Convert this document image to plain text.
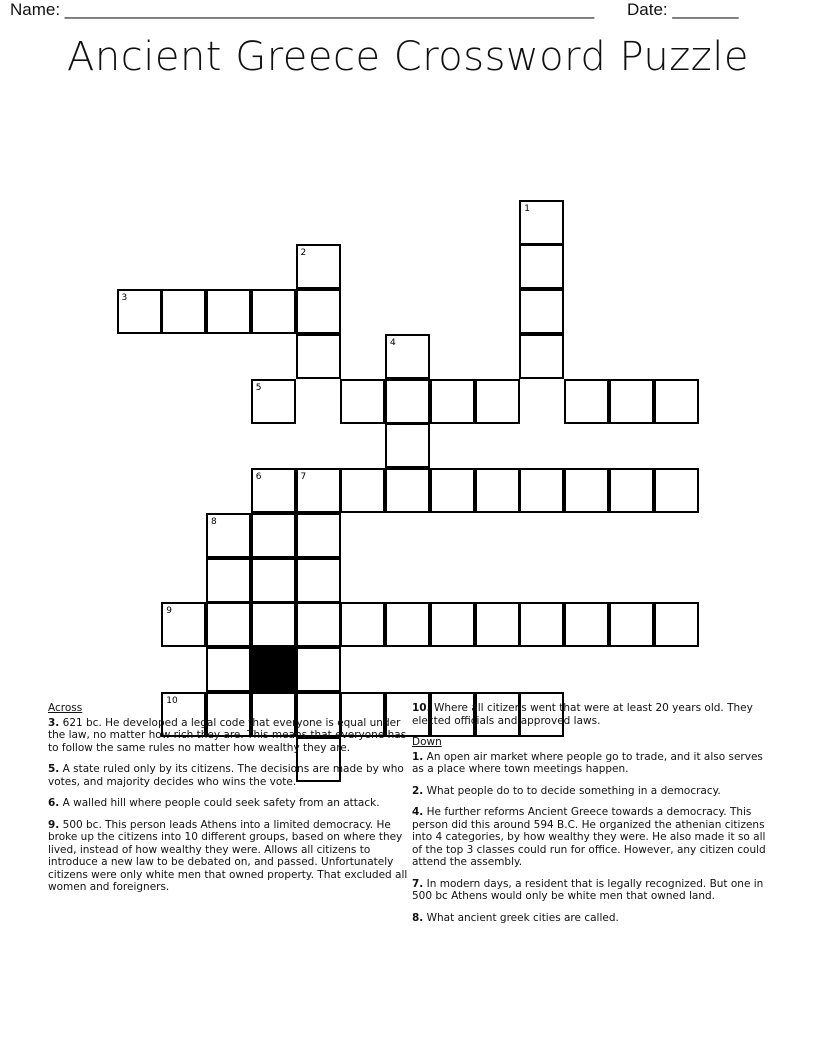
Name: ________________________________________________________ Date: _______
Ancient Greece Crossword Puzzle
1
2
3
4
5
6	7
8
9
10
Across
3. 621 bc. He developed a legal code that everyone is equal under the law, no matter how rich they are. This means that everyone has to follow the same rules no matter how wealthy they are.
5. A state ruled only by its citizens. The decisions are made by who votes, and majority decides who wins the vote.
6. A walled hill where people could seek safety from an attack.
9. 500 bc. This person leads Athens into a limited democracy. He broke up the citizens into 10 different groups, based on where they lived, instead of how wealthy they were. Allows all citizens to introduce a new law to be debated on, and passed. Unfortunately citizens were only white men that owned property. That excluded all women and foreigners.
10. Where all citizens went that were at least 20 years old. They elected officials and approved laws.
Down
1. An open air market where people go to trade, and it also serves as a place where town meetings happen.
2. What people do to to decide something in a democracy.
4. He further reforms Ancient Greece towards a democracy. This person did this around 594 B.C. He organized the athenian citizens into 4 categories, by how wealthy they were. He also made it so all of the top 3 classes could run for office. However, any citizen could attend the assembly.
7. In modern days, a resident that is legally recognized. But one in 500 bc Athens would only be white men that owned land.
8. What ancient greek cities are called.
